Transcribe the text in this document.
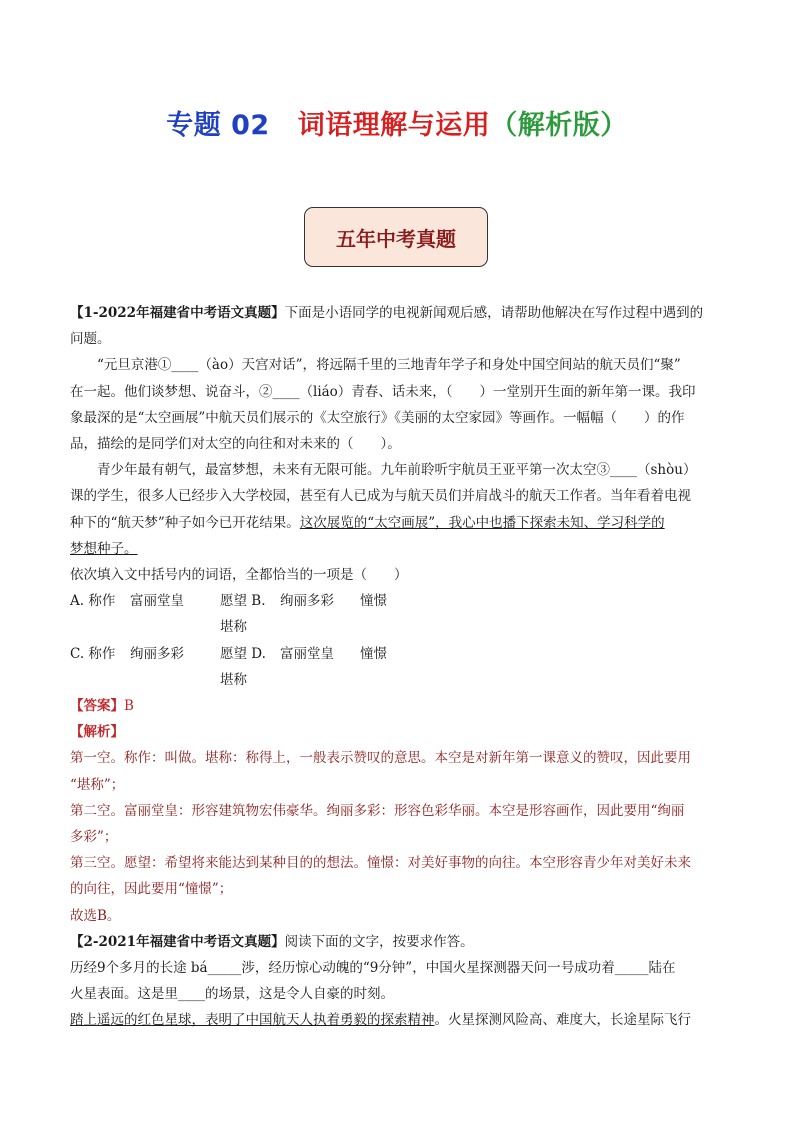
专题 02 词语理解与运用（解析版）
五年中考真题

【1-2022年福建省中考语文真题】下面是小语同学的电视新闻观后感，请帮助他解决在写作过程中遇到的

问题。

“元旦京港①____（ào）天宫对话”，将远隔千里的三地青年学子和身处中国空间站的航天员们“聚”

在一起。他们谈梦想、说奋斗，②____（liáo）青春、话未来，（　　）一堂别开生面的新年第一课。我印

象最深的是“太空画展”中航天员们展示的《太空旅行》《美丽的太空家园》等画作。一幅幅（　　）的作

品，描绘的是同学们对太空的向往和对未来的（　　）。

青少年最有朝气，最富梦想，未来有无限可能。九年前聆听宇航员王亚平第一次太空③____（shòu）

课的学生，很多人已经步入大学校园，甚至有人已成为与航天员们并肩战斗的航天工作者。当年看着电视

种下的“航天梦”种子如今已开花结果。这次展览的“太空画展”，我心中也播下探索未知、学习科学的

梦想种子。

依次填入文中括号内的词语，全都恰当的一项是（　　）

A. 称作	富丽堂皇	愿望 B. 堪称
绚丽多彩	憧憬

C. 称作	绚丽多彩	愿望 D. 堪称
富丽堂皇	憧憬

【答案】B

【解析】

第一空。称作：叫做。堪称：称得上，一般表示赞叹的意思。本空是对新年第一课意义的赞叹，因此要用

“堪称”；

第二空。富丽堂皇：形容建筑物宏伟豪华。绚丽多彩：形容色彩华丽。本空是形容画作，因此要用“绚丽

多彩”；

第三空。愿望：希望将来能达到某种目的的想法。憧憬：对美好事物的向往。本空形容青少年对美好未来

的向往，因此要用“憧憬”；

故选B。

【2-2021年福建省中考语文真题】阅读下面的文字，按要求作答。

历经9个多月的长途 bá_____涉，经历惊心动魄的“9分钟”，中国火星探测器天问一号成功着_____陆在

火星表面。这是里____的场景，这是令人自豪的时刻。

踏上遥远的红色星球，表明了中国航天人执着勇毅的探索精神。火星探测风险高、难度大，长途星际飞行
